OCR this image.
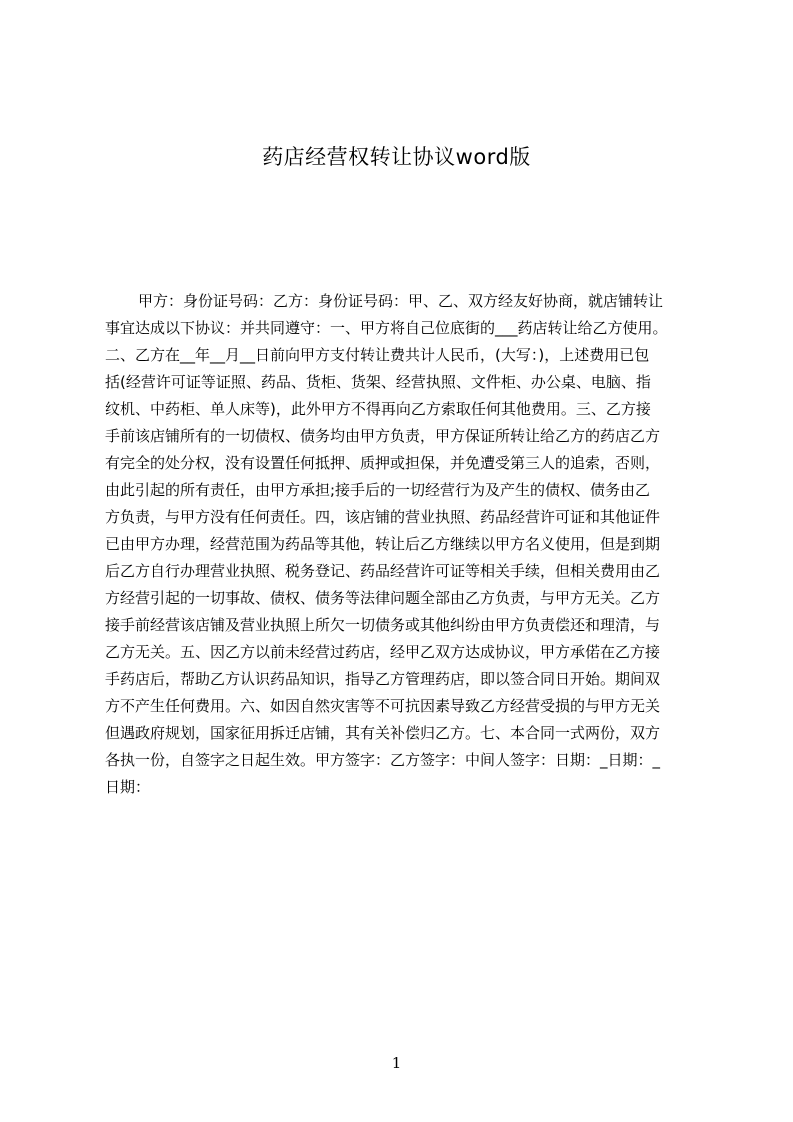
药店经营权转让协议word版
甲方：身份证号码：乙方：身份证号码：甲、乙、双方经友好协商，就店铺转让
事宜达成以下协议：并共同遵守：一、甲方将自己位底街的___药店转让给乙方使用。
二、乙方在__年__月__日前向甲方支付转让费共计人民币，(大写：)，上述费用已包
括(经营许可证等证照、药品、货柜、货架、经营执照、文件柜、办公桌、电脑、指
纹机、中药柜、单人床等)，此外甲方不得再向乙方索取任何其他费用。三、乙方接
手前该店铺所有的一切债权、债务均由甲方负责，甲方保证所转让给乙方的药店乙方
有完全的处分权，没有设置任何抵押、质押或担保，并免遭受第三人的追索，否则，
由此引起的所有责任，由甲方承担;接手后的一切经营行为及产生的债权、债务由乙
方负责，与甲方没有任何责任。四，该店铺的营业执照、药品经营许可证和其他证件
已由甲方办理，经营范围为药品等其他，转让后乙方继续以甲方名义使用，但是到期
后乙方自行办理营业执照、税务登记、药品经营许可证等相关手续，但相关费用由乙
方经营引起的一切事故、债权、债务等法律问题全部由乙方负责，与甲方无关。乙方
接手前经营该店铺及营业执照上所欠一切债务或其他纠纷由甲方负责偿还和理清，与
乙方无关。五、因乙方以前未经营过药店，经甲乙双方达成协议，甲方承偌在乙方接
手药店后，帮助乙方认识药品知识，指导乙方管理药店，即以签合同日开始。期间双
方不产生任何费用。六、如因自然灾害等不可抗因素导致乙方经营受损的与甲方无关
但遇政府规划，国家征用拆迁店铺，其有关补偿归乙方。七、本合同一式两份，双方
各执一份，自签字之日起生效。甲方签字：乙方签字：中间人签字：日期：_日期：_
日期：
1
